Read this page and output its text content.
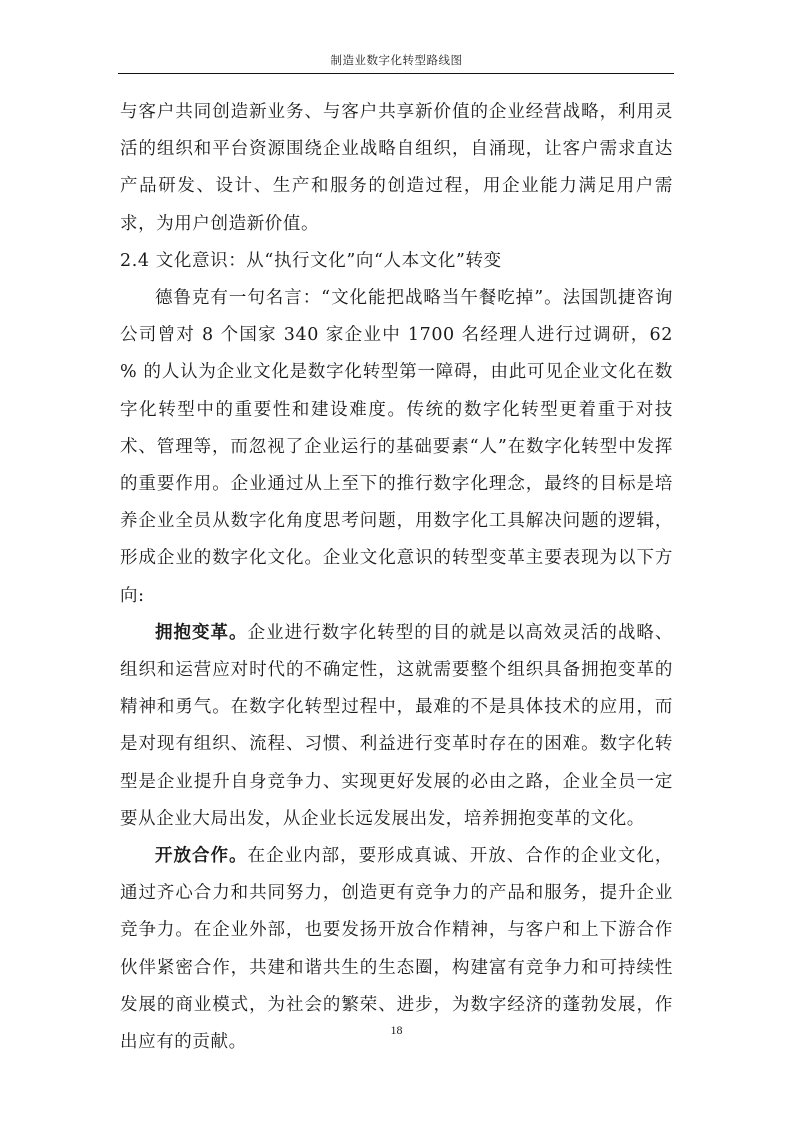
制造业数字化转型路线图

与客户共同创造新业务、与客户共享新价值的企业经营战略，利用灵活的组织和平台资源围绕企业战略自组织，自涌现，让客户需求直达产品研发、设计、生产和服务的创造过程，用企业能力满足用户需求，为用户创造新价值。

2.4 文化意识：从“执行文化”向“人本文化”转变

德鲁克有一句名言：“文化能把战略当午餐吃掉”。法国凯捷咨询公司曾对 8 个国家 340 家企业中 1700 名经理人进行过调研，62 % 的人认为企业文化是数字化转型第一障碍，由此可见企业文化在数字化转型中的重要性和建设难度。传统的数字化转型更着重于对技术、管理等，而忽视了企业运行的基础要素“人”在数字化转型中发挥的重要作用。企业通过从上至下的推行数字化理念，最终的目标是培养企业全员从数字化角度思考问题，用数字化工具解决问题的逻辑，形成企业的数字化文化。企业文化意识的转型变革主要表现为以下方向:

拥抱变革。企业进行数字化转型的目的就是以高效灵活的战略、组织和运营应对时代的不确定性，这就需要整个组织具备拥抱变革的精神和勇气。在数字化转型过程中，最难的不是具体技术的应用，而是对现有组织、流程、习惯、利益进行变革时存在的困难。数字化转型是企业提升自身竞争力、实现更好发展的必由之路，企业全员一定要从企业大局出发，从企业长远发展出发，培养拥抱变革的文化。

开放合作。在企业内部，要形成真诚、开放、合作的企业文化，通过齐心合力和共同努力，创造更有竞争力的产品和服务，提升企业竞争力。在企业外部，也要发扬开放合作精神，与客户和上下游合作伙伴紧密合作，共建和谐共生的生态圈，构建富有竞争力和可持续性发展的商业模式，为社会的繁荣、进步，为数字经济的蓬勃发展，作出应有的贡献。

18
